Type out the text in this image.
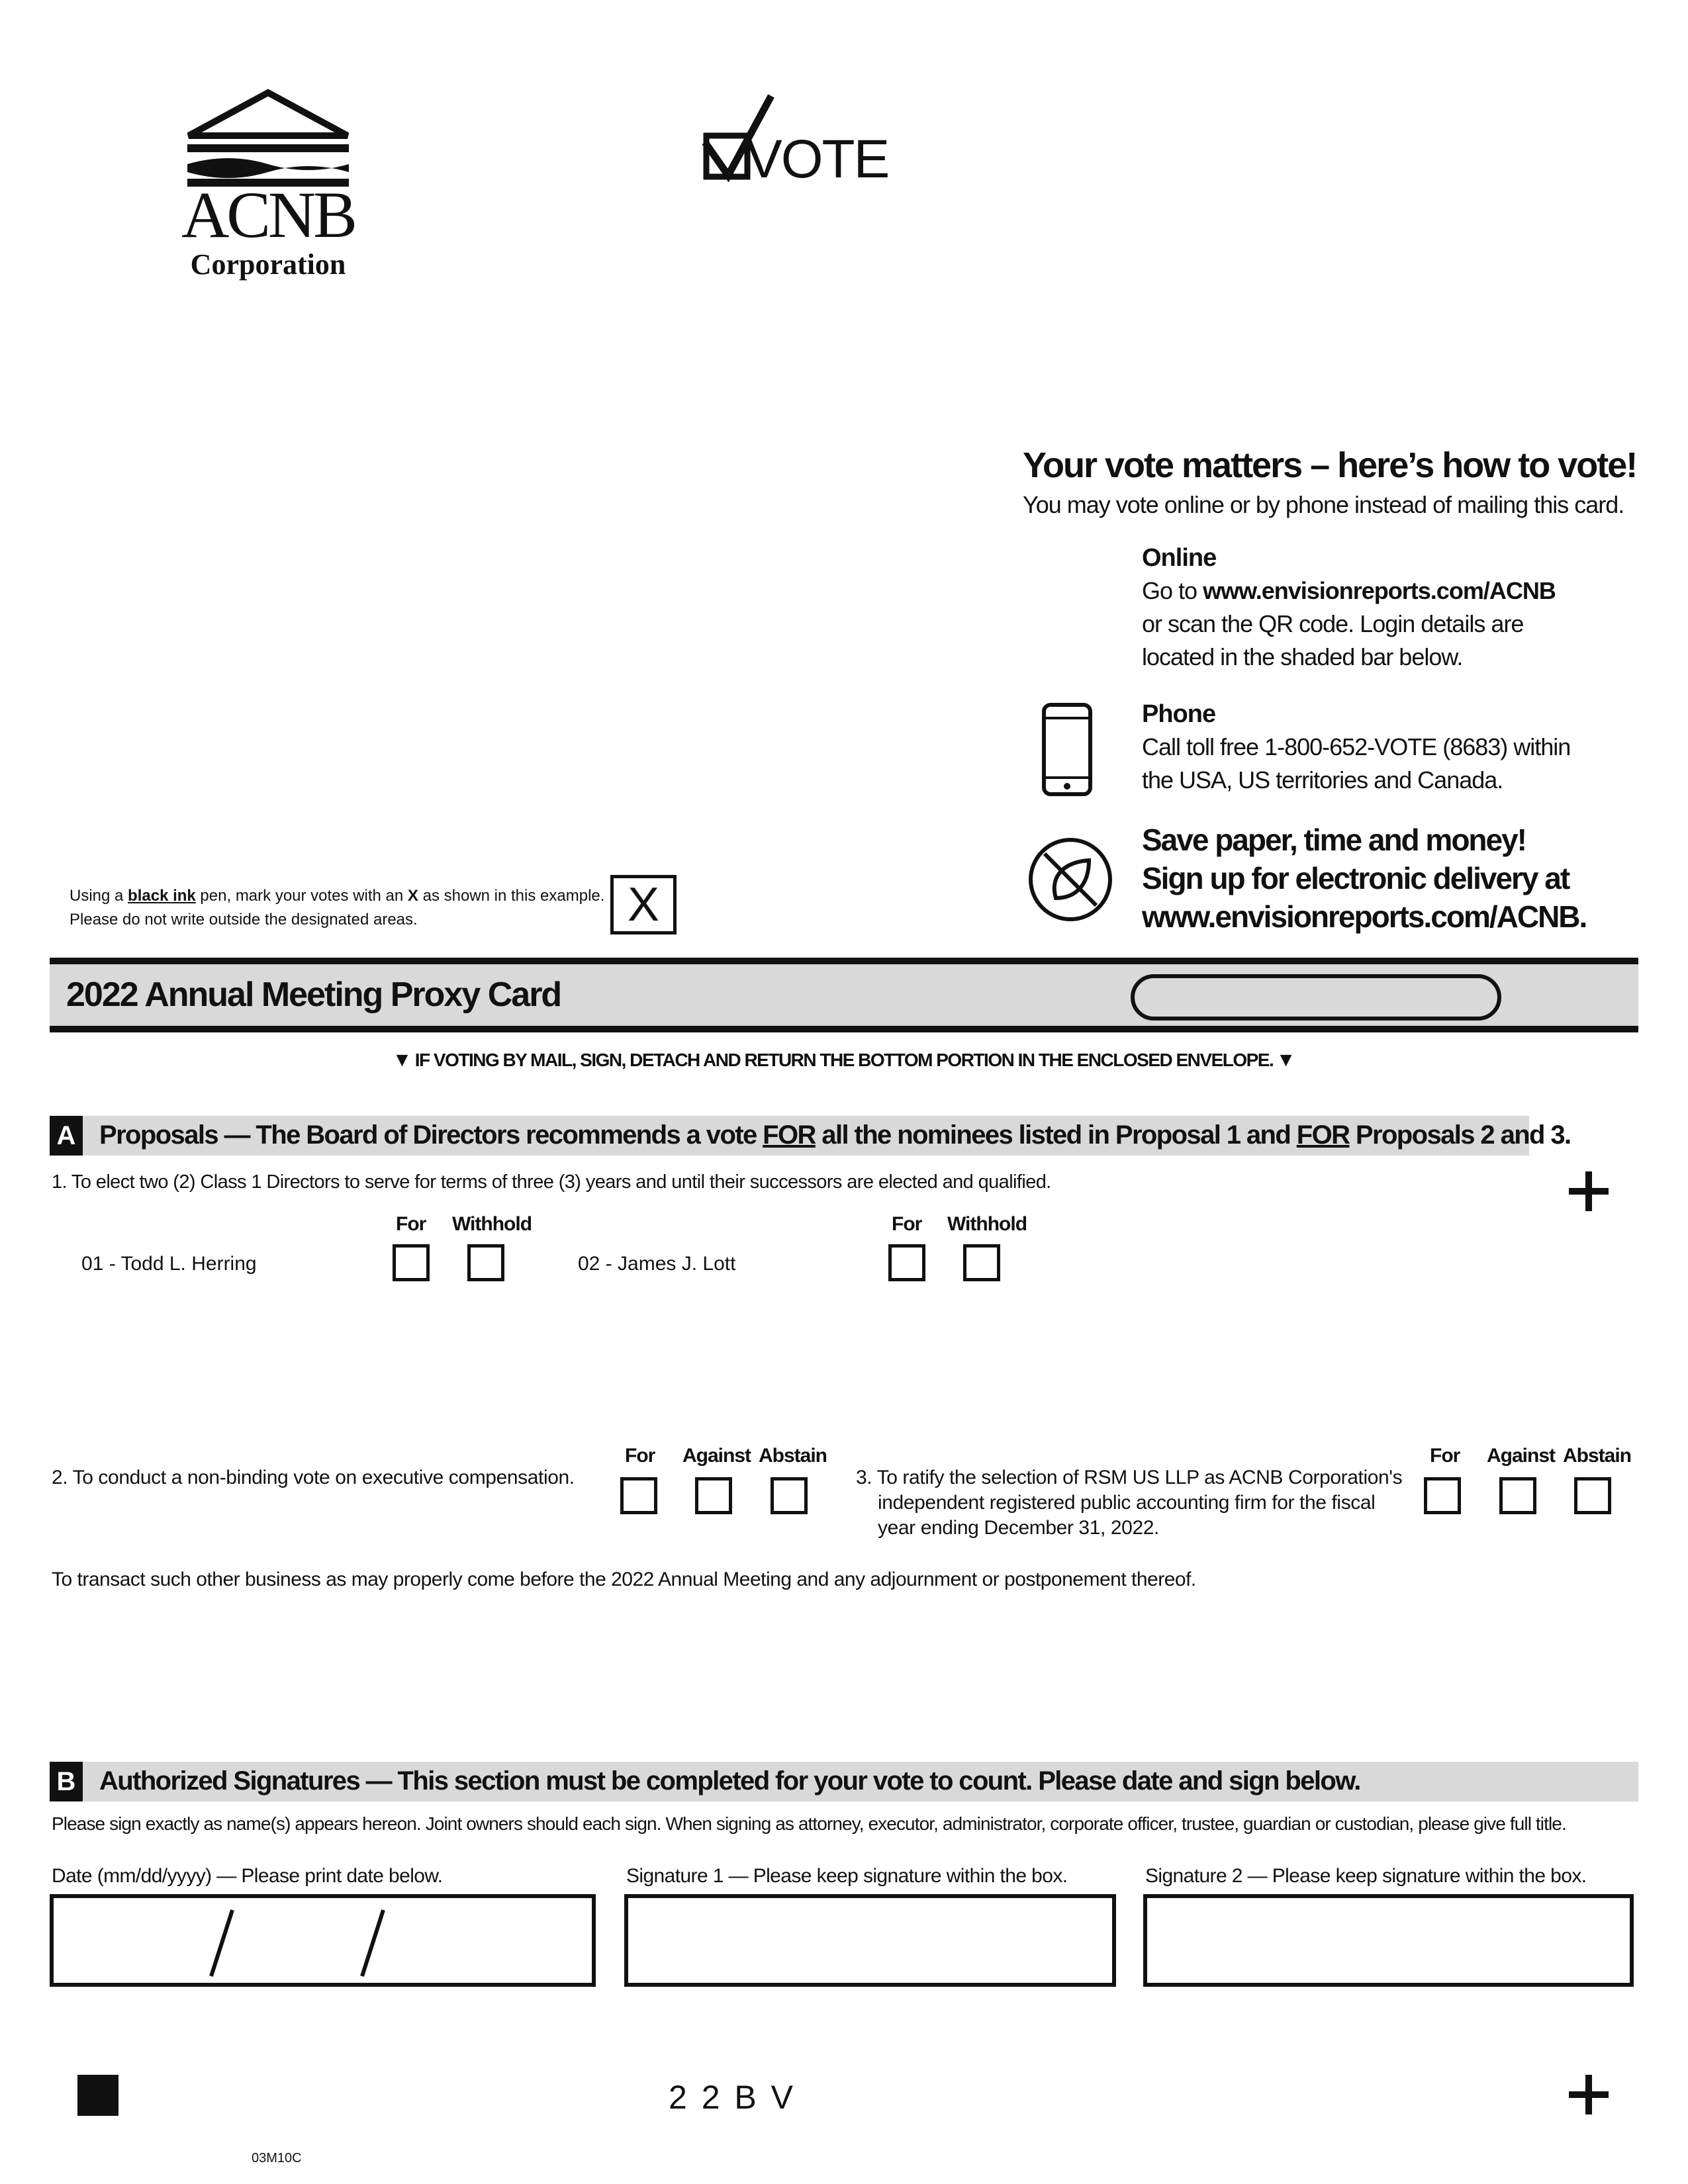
ACNB
Corporation
VOTE
Your vote matters – here’s how to vote!
You may vote online or by phone instead of mailing this card.
Online
Go to www.envisionreports.com/ACNB
or scan the QR code. Login details are
located in the shaded bar below.
Phone
Call toll free 1-800-652-VOTE (8683) within
the USA, US territories and Canada.
Save paper, time and money!
Sign up for electronic delivery at
www.envisionreports.com/ACNB.
Using a black ink pen, mark your votes with an X as shown in this example.
Please do not write outside the designated areas.	X
2022 Annual Meeting Proxy Card
▼ IF VOTING BY MAIL, SIGN, DETACH AND RETURN THE BOTTOM PORTION IN THE ENCLOSED ENVELOPE. ▼
A Proposals — The Board of Directors recommends a vote FOR all the nominees listed in Proposal 1 and FOR Proposals 2 and 3.
1. To elect two (2) Class 1 Directors to serve for terms of three (3) years and until their successors are elected and qualified.
For Withhold
01 - Todd L. Herring
For Withhold
02 - James J. Lott
For Against Abstain
2. To conduct a non-binding vote on executive compensation.
For Against Abstain
3. To ratify the selection of RSM US LLP as ACNB Corporation's
independent registered public accounting firm for the fiscal
year ending December 31, 2022.
To transact such other business as may properly come before the 2022 Annual Meeting and any adjournment or postponement thereof.
B Authorized Signatures — This section must be completed for your vote to count. Please date and sign below.
Please sign exactly as name(s) appears hereon. Joint owners should each sign. When signing as attorney, executor, administrator, corporate officer, trustee, guardian or custodian, please give full title.
Date (mm/dd/yyyy) — Please print date below.	Signature 1 — Please keep signature within the box.	Signature 2 — Please keep signature within the box.
2 2 B V
03M10C
